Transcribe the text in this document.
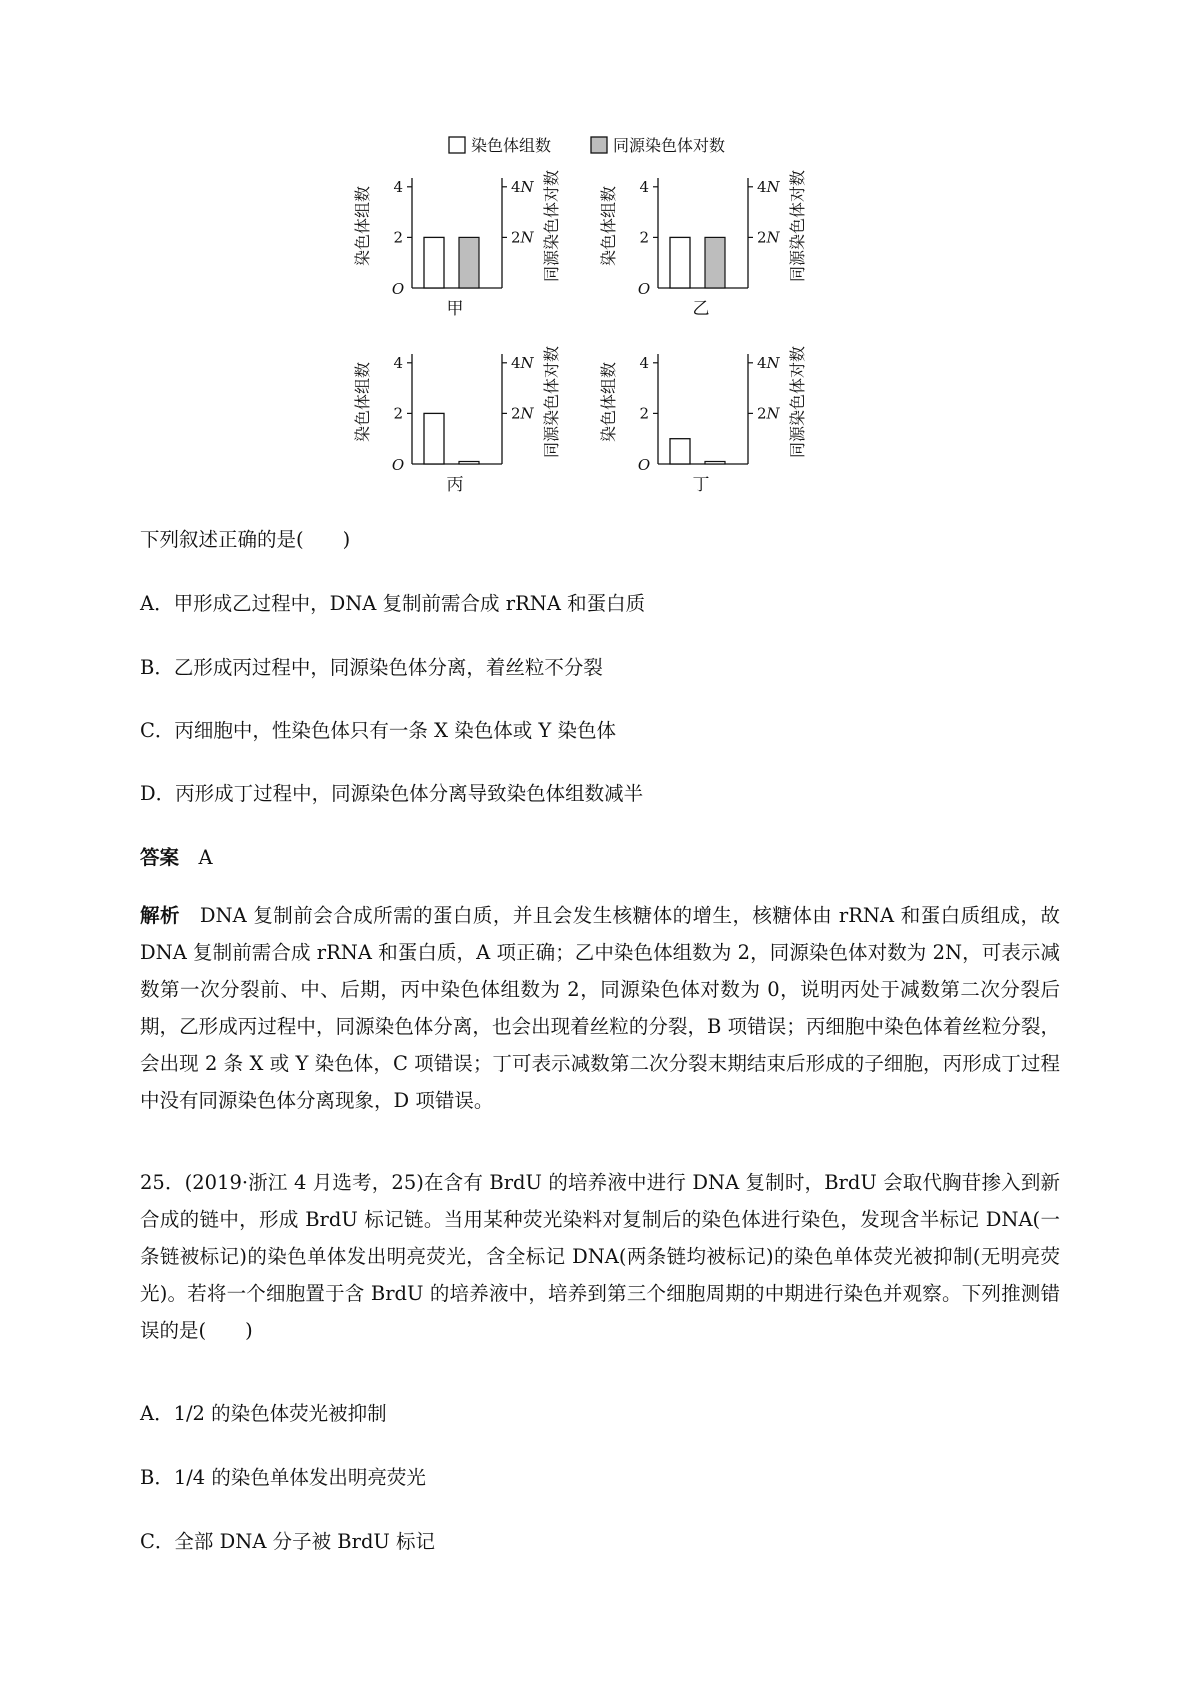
染色体组数	同源染色体对数
O
2	2N
4	4N
染色体组数	同源染色体对数
甲
O
2	2N
4	4N
染色体组数	同源染色体对数
乙
O
2	2N
4	4N
染色体组数	同源染色体对数
丙
O
2	2N
4	4N
染色体组数	同源染色体对数
丁

下列叙述正确的是(　　)

A．甲形成乙过程中，DNA 复制前需合成 rRNA 和蛋白质

B．乙形成丙过程中，同源染色体分离，着丝粒不分裂

C．丙细胞中，性染色体只有一条 X 染色体或 Y 染色体

D．丙形成丁过程中，同源染色体分离导致染色体组数减半

答案　 A

解析　 DNA 复制前会合成所需的蛋白质，并且会发生核糖体的增生，核糖体由 rRNA 和蛋白质组成，故 DNA 复制前需合成 rRNA 和蛋白质，A 项正确；乙中染色体组数为 2，同源染色体对数为 2N，可表示减数第一次分裂前、中、后期，丙中染色体组数为 2，同源染色体对数为 0，说明丙处于减数第二次分裂后期，乙形成丙过程中，同源染色体分离，也会出现着丝粒的分裂，B 项错误；丙细胞中染色体着丝粒分裂，会出现 2 条 X 或 Y 染色体，C 项错误；丁可表示减数第二次分裂末期结束后形成的子细胞，丙形成丁过程中没有同源染色体分离现象，D 项错误。

25．(2019·浙江 4 月选考，25)在含有 BrdU 的培养液中进行 DNA 复制时，BrdU 会取代胸苷掺入到新合成的链中，形成 BrdU 标记链。当用某种荧光染料对复制后的染色体进行染色，发现含半标记 DNA(一条链被标记)的染色单体发出明亮荧光，含全标记 DNA(两条链均被标记)的染色单体荧光被抑制(无明亮荧光)。若将一个细胞置于含 BrdU 的培养液中，培养到第三个细胞周期的中期进行染色并观察。下列推测错误的是(　　)

A．1/2 的染色体荧光被抑制

B．1/4 的染色单体发出明亮荧光

C．全部 DNA 分子被 BrdU 标记
